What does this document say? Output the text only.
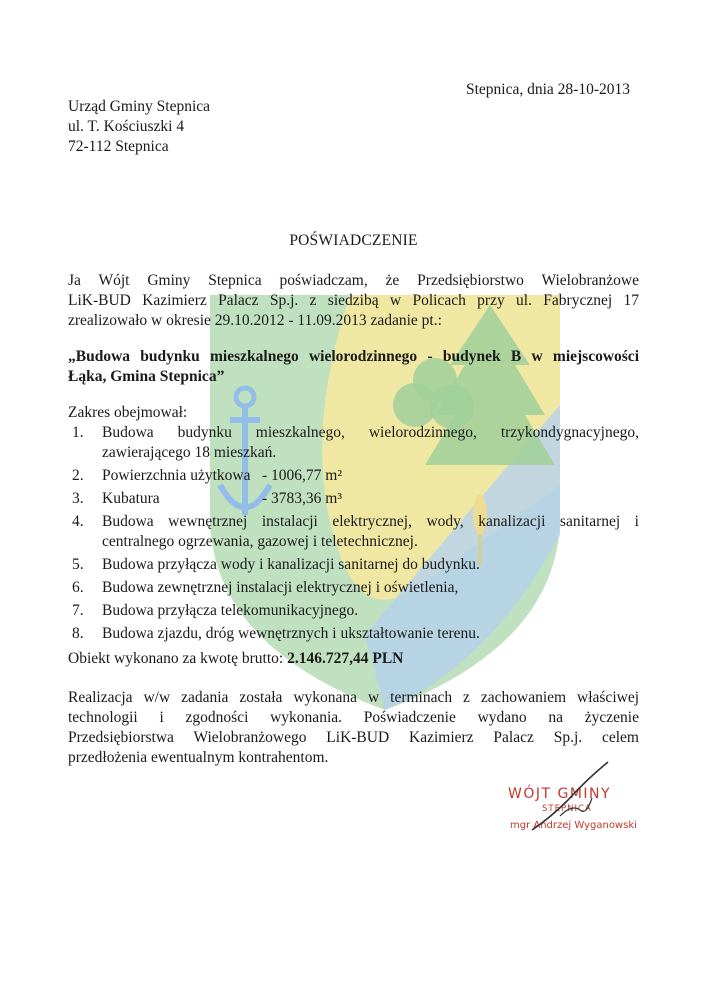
Stepnica, dnia 28-10-2013
Urząd Gminy Stepnica
ul. T. Kościuszki 4
72-112 Stepnica
POŚWIADCZENIE
Ja Wójt Gminy Stepnica poświadczam, że Przedsiębiorstwo Wielobranżowe
LiK-BUD Kazimierz Palacz Sp.j. z siedzibą w Policach przy ul. Fabrycznej 17
zrealizowało w okresie 29.10.2012 - 11.09.2013 zadanie pt.:
„Budowa budynku mieszkalnego wielorodzinnego - budynek B w miejscowości
Łąka, Gmina Stepnica”
Zakres obejmował:
1. Budowa budynku mieszkalnego, wielorodzinnego, trzykondygnacyjnego,
zawierającego 18 mieszkań.
2. Powierzchnia użytkowa - 1006,77 m²
3. Kubatura	- 3783,36 m³
4. Budowa wewnętrznej instalacji elektrycznej, wody, kanalizacji sanitarnej i
centralnego ogrzewania, gazowej i teletechnicznej.
5. Budowa przyłącza wody i kanalizacji sanitarnej do budynku.
6. Budowa zewnętrznej instalacji elektrycznej i oświetlenia,
7. Budowa przyłącza telekomunikacyjnego.
8. Budowa zjazdu, dróg wewnętrznych i ukształtowanie terenu.
Obiekt wykonano za kwotę brutto: 2.146.727,44 PLN
Realizacja w/w zadania została wykonana w terminach z zachowaniem właściwej
technologii i zgodności wykonania. Poświadczenie wydano na życzenie
Przedsiębiorstwa Wielobranżowego LiK-BUD Kazimierz Palacz Sp.j. celem
przedłożenia ewentualnym kontrahentom.
WÓJT GMINY
STEPNICA
mgr Andrzej Wyganowski
